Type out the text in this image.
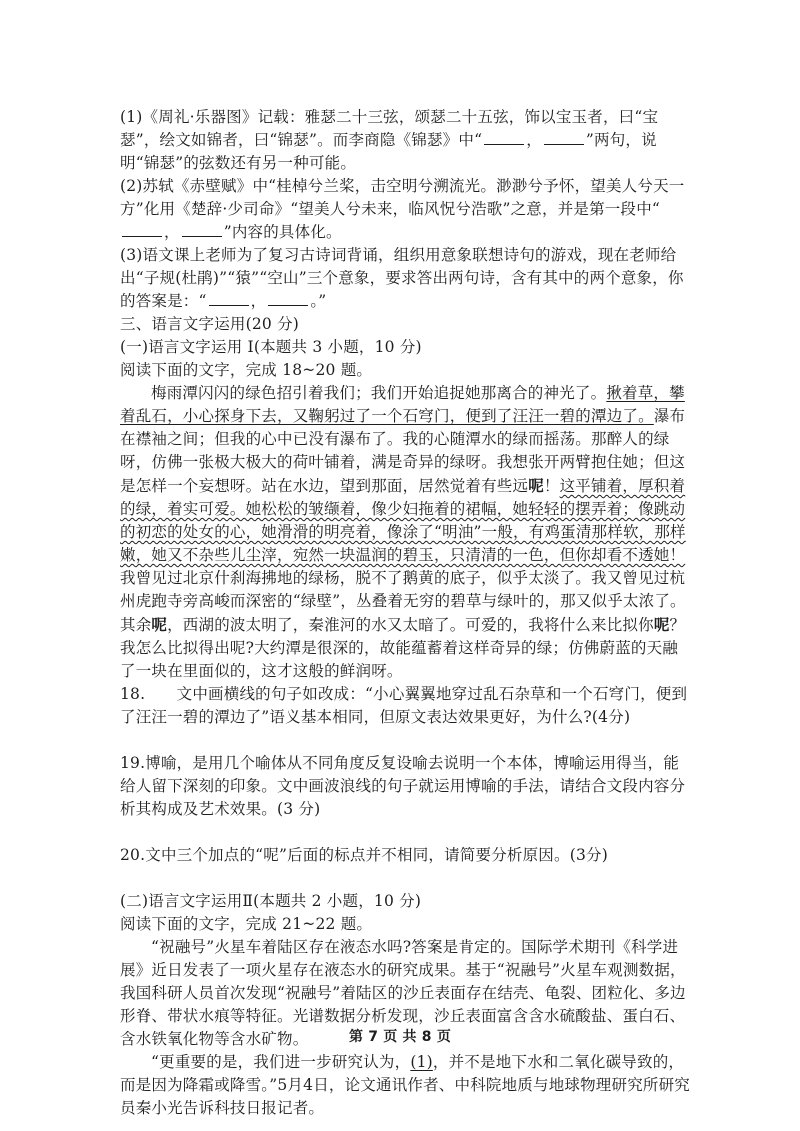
(1)《周礼·乐器图》记载：雅瑟二十三弦，颂瑟二十五弦，饰以宝玉者，曰“宝瑟”，绘文如锦者，曰“锦瑟”。而李商隐《锦瑟》中“	，	”两句，说明“锦瑟”的弦数还有另一种可能。

(2)苏轼《赤壁赋》中“桂棹兮兰桨，击空明兮溯流光。渺渺兮予怀，望美人兮天一方”化用《楚辞·少司命》“望美人兮未来，临风怳兮浩歌”之意，并是第一段中“，	”内容的具体化。

(3)语文课上老师为了复习古诗词背诵，组织用意象联想诗句的游戏，现在老师给出“子规(杜鹃)”“猿”“空山”三个意象，要求答出两句诗，含有其中的两个意象，你的答案是：“	，	。”

三、语言文字运用(20 分)

(一)语言文字运用 I(本题共 3 小题，10 分)

阅读下面的文字，完成 18~20 题。

梅雨潭闪闪的绿色招引着我们；我们开始追捉她那离合的神光了。揪着草，攀着乱石，小心探身下去，又鞠躬过了一个石穹门，便到了汪汪一碧的潭边了。瀑布在襟袖之间；但我的心中已没有瀑布了。我的心随潭水的绿而摇荡。那醉人的绿呀，仿佛一张极大极大的荷叶铺着，满是奇异的绿呀。我想张开两臂抱住她；但这是怎样一个妄想呀。站在水边，望到那面，居然觉着有些远呢！这平铺着，厚积着的绿，着实可爱。她松松的皱缬着，像少妇拖着的裙幅，她轻轻的摆弄着；像跳动的初恋的处女的心，她滑滑的明亮着，像涂了“明油”一般，有鸡蛋清那样软，那样嫩，她又不杂些儿尘滓，宛然一块温润的碧玉，只清清的一色，但你却看不透她！我曾见过北京什刹海拂地的绿杨，脱不了鹅黄的底子，似乎太淡了。我又曾见过杭州虎跑寺旁高峻而深密的“绿壁”，丛叠着无穷的碧草与绿叶的，那又似乎太浓了。其余呢，西湖的波太明了，秦淮河的水又太暗了。可爱的，我将什么来比拟你呢？我怎么比拟得出呢?大约潭是很深的，故能蕴蓄着这样奇异的绿；仿佛蔚蓝的天融了一块在里面似的，这才这般的鲜润呀。

18.　　文中画横线的句子如改成：“小心翼翼地穿过乱石杂草和一个石穹门，便到了汪汪一碧的潭边了”语义基本相同，但原文表达效果更好，为什么?(4分)

19.博喻，是用几个喻体从不同角度反复设喻去说明一个本体，博喻运用得当，能给人留下深刻的印象。文中画波浪线的句子就运用博喻的手法，请结合文段内容分析其构成及艺术效果。(3 分)

20.文中三个加点的“呢”后面的标点并不相同，请简要分析原因。(3分)

(二)语言文字运用Ⅱ(本题共 2 小题，10 分)

阅读下面的文字，完成 21~22 题。

“祝融号”火星车着陆区存在液态水吗?答案是肯定的。国际学术期刊《科学进展》近日发表了一项火星存在液态水的研究成果。基于“祝融号”火星车观测数据，我国科研人员首次发现“祝融号”着陆区的沙丘表面存在结壳、龟裂、团粒化、多边形脊、带状水痕等特征。光谱数据分析发现，沙丘表面富含含水硫酸盐、蛋白石、含水铁氧化物等含水矿物。

“更重要的是，我们进一步研究认为，(1)，并不是地下水和二氧化碳导致的，而是因为降霜或降雪。”5月4日，论文通讯作者、中科院地质与地球物理研究所研究员秦小光告诉科技日报记者。

第 7 页 共 8 页
